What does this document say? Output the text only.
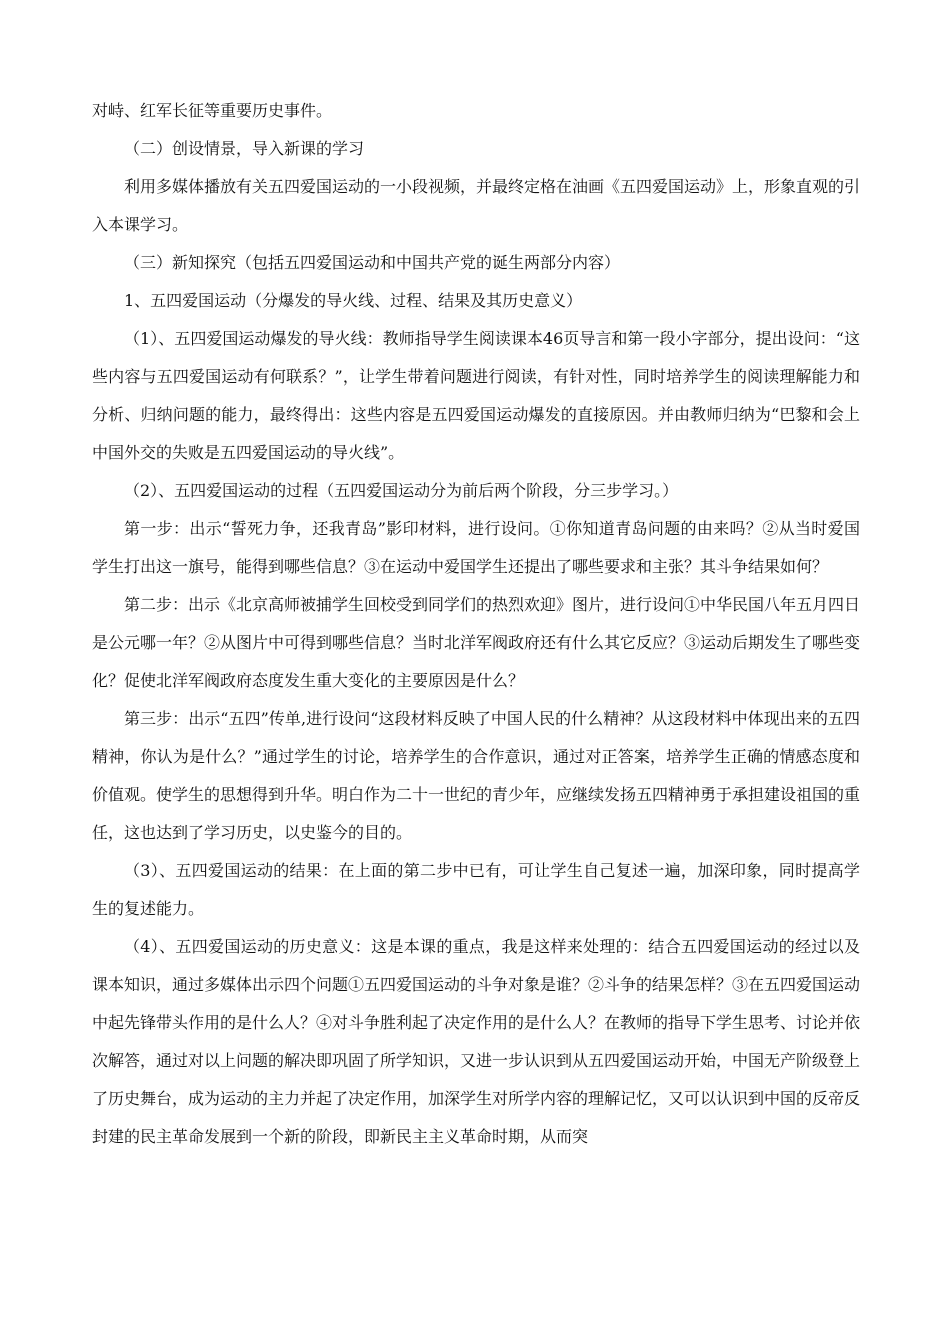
对峙、红军长征等重要历史事件。

（二）创设情景，导入新课的学习

利用多媒体播放有关五四爱国运动的一小段视频，并最终定格在油画《五四爱国运动》上，形象直观的引入本课学习。

（三）新知探究（包括五四爱国运动和中国共产党的诞生两部分内容）

1、五四爱国运动（分爆发的导火线、过程、结果及其历史意义）

（1）、五四爱国运动爆发的导火线：教师指导学生阅读课本46页导言和第一段小字部分，提出设问：“这些内容与五四爱国运动有何联系？”，让学生带着问题进行阅读，有针对性，同时培养学生的阅读理解能力和分析、归纳问题的能力，最终得出：这些内容是五四爱国运动爆发的直接原因。并由教师归纳为“巴黎和会上中国外交的失败是五四爱国运动的导火线”。

（2）、五四爱国运动的过程（五四爱国运动分为前后两个阶段，分三步学习。）

第一步：出示“誓死力争，还我青岛”影印材料，进行设问。①你知道青岛问题的由来吗？②从当时爱国学生打出这一旗号，能得到哪些信息？③在运动中爱国学生还提出了哪些要求和主张？其斗争结果如何？

第二步：出示《北京高师被捕学生回校受到同学们的热烈欢迎》图片，进行设问①中华民国八年五月四日是公元哪一年？②从图片中可得到哪些信息？当时北洋军阀政府还有什么其它反应？③运动后期发生了哪些变化？促使北洋军阀政府态度发生重大变化的主要原因是什么？

第三步：出示“五四”传单,进行设问“这段材料反映了中国人民的什么精神？从这段材料中体现出来的五四精神，你认为是什么？”通过学生的讨论，培养学生的合作意识，通过对正答案，培养学生正确的情感态度和价值观。使学生的思想得到升华。明白作为二十一世纪的青少年，应继续发扬五四精神勇于承担建设祖国的重任，这也达到了学习历史，以史鉴今的目的。

（3）、五四爱国运动的结果：在上面的第二步中已有，可让学生自己复述一遍，加深印象，同时提高学生的复述能力。

（4）、五四爱国运动的历史意义：这是本课的重点，我是这样来处理的：结合五四爱国运动的经过以及课本知识，通过多媒体出示四个问题①五四爱国运动的斗争对象是谁？②斗争的结果怎样？③在五四爱国运动中起先锋带头作用的是什么人？④对斗争胜利起了决定作用的是什么人？在教师的指导下学生思考、讨论并依次解答，通过对以上问题的解决即巩固了所学知识，又进一步认识到从五四爱国运动开始，中国无产阶级登上了历史舞台，成为运动的主力并起了决定作用，加深学生对所学内容的理解记忆，又可以认识到中国的反帝反封建的民主革命发展到一个新的阶段，即新民主主义革命时期，从而突
